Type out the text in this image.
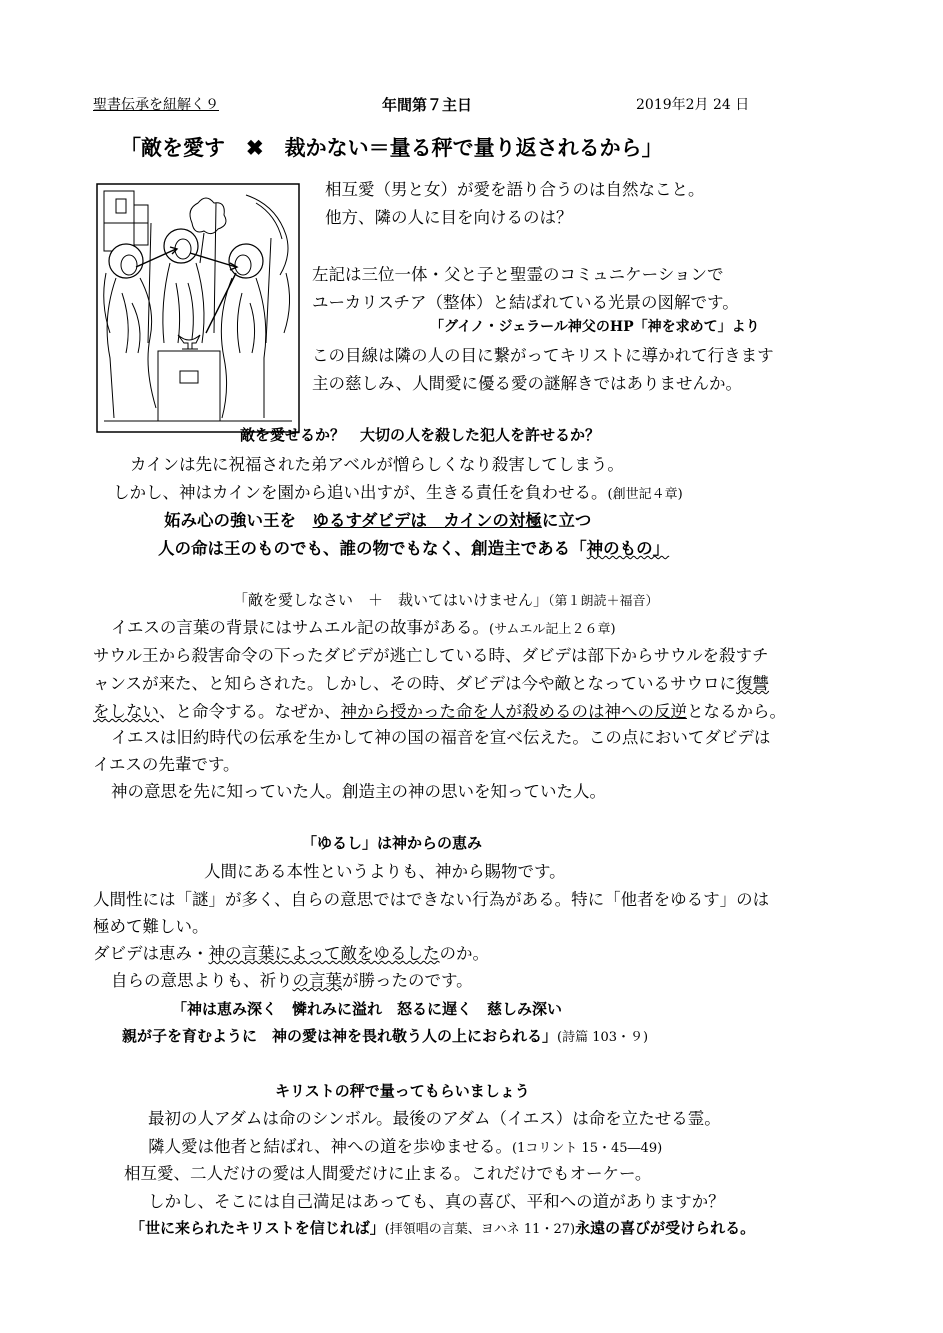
聖書伝承を紐解く９	年間第７主日	2019年2月 24 日
「敵を愛す　✖　裁かない＝量る秤で量り返されるから」
相互愛（男と女）が愛を語り合うのは自然なこと。
他方、隣の人に目を向けるのは？
左記は三位一体・父と子と聖霊のコミュニケーションで
ユーカリスチア（整体）と結ばれている光景の図解です。
「グイノ・ジェラール神父のHP「神を求めて」より
この目線は隣の人の目に繋がってキリストに導かれて行きます
主の慈しみ、人間愛に優る愛の謎解きではありませんか。
敵を愛せるか？　大切の人を殺した犯人を許せるか？
カインは先に祝福された弟アベルが憎らしくなり殺害してしまう。
しかし、神はカインを園から追い出すが、生きる責任を負わせる。(創世記４章)
妬み心の強い王を　ゆるすダビデは　カインの対極に立つ
人の命は王のものでも、誰の物でもなく、創造主である「神のもの」
「敵を愛しなさい　＋　裁いてはいけません」（第１朗読＋福音）
イエスの言葉の背景にはサムエル記の故事がある。(サムエル記上２６章)
サウル王から殺害命令の下ったダビデが逃亡している時、ダビデは部下からサウルを殺すチ
ャンスが来た、と知らされた。しかし、その時、ダビデは今や敵となっているサウロに復讐
をしない、と命令する。なぜか、神から授かった命を人が殺めるのは神への反逆となるから。
イエスは旧約時代の伝承を生かして神の国の福音を宣べ伝えた。この点においてダビデは
イエスの先輩です。
神の意思を先に知っていた人。創造主の神の思いを知っていた人。
「ゆるし」は神からの恵み
人間にある本性というよりも、神から賜物です。
人間性には「謎」が多く、自らの意思ではできない行為がある。特に「他者をゆるす」のは
極めて難しい。
ダビデは恵み・神の言葉によって敵をゆるしたのか。
自らの意思よりも、祈りの言葉が勝ったのです。
「神は恵み深く　憐れみに溢れ　怒るに遅く　慈しみ深い
親が子を育むように　神の愛は神を畏れ敬う人の上におられる」(詩篇 103・９)
キリストの秤で量ってもらいましょう
最初の人アダムは命のシンボル。最後のアダム（イエス）は命を立たせる霊。
隣人愛は他者と結ばれ、神への道を歩ゆませる。(1コリント 15・45―49)
相互愛、二人だけの愛は人間愛だけに止まる。これだけでもオーケー。
しかし、そこには自己満足はあっても、真の喜び、平和への道がありますか？
「世に来られたキリストを信じれば」(拝領唱の言葉、ヨハネ 11・27)永遠の喜びが受けられる。
